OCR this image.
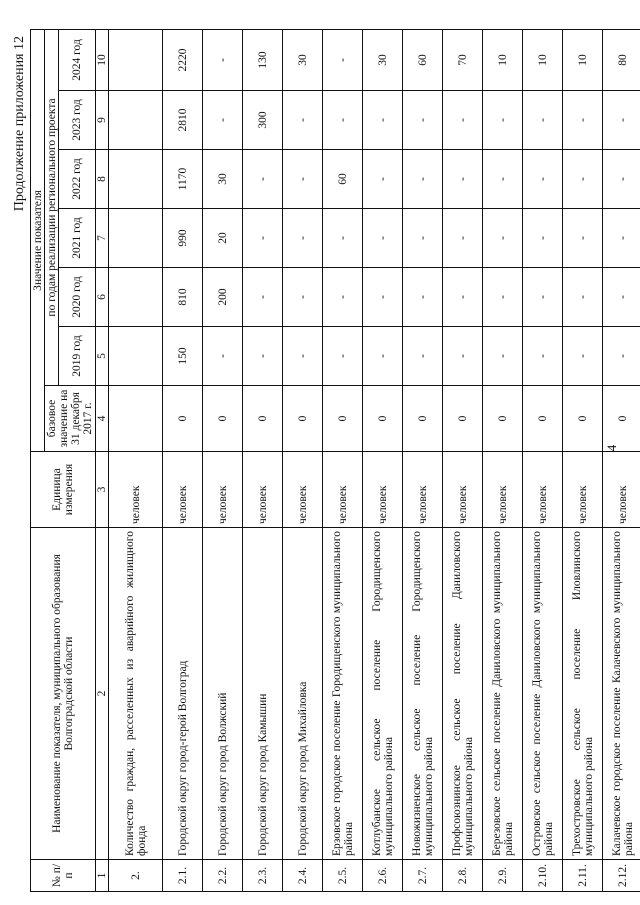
4
Продолжение приложения 12
№ п/п	Наименование показателя, муниципального образования Волгоградской области	Единица измерения	Значение показателя						
			базовое значение на 31 декабря 2017 г.	по годам реализации регионального проекта					
				2019 год	2020 год	2021 год	2022 год	2023 год	2024 год
1	2	3	4	5	6	7	8	9	10
2.	Количество граждан, расселенных из аварийного жилищного фонда	человек							
2.1.	Городской округ город-герой Волгоград	человек	0	150	810	990	1170	2810	2220
2.2.	Городской округ город Волжский	человек	0	-	200	20	30	-	-
2.3.	Городской округ город Камышин	человек	0	-	-	-	-	300	130
2.4.	Городской округ город Михайловка	человек	0	-	-	-	-	-	30
2.5.	Ерзовское городское поселение Городищенского муниципального района	человек	0	-	-	-	60	-	-
2.6.	Котлубанское сельское поселение Городищенского муниципального района	человек	0	-	-	-	-	-	30
2.7.	Новожизненское сельское поселение Городищенского муниципального района	человек	0	-	-	-	-	-	60
2.8.	Профсоюзнинское сельское поселение Даниловского муниципального района	человек	0	-	-	-	-	-	70
2.9.	Березовское сельское поселение Даниловского муниципального района	человек	0	-	-	-	-	-	10
2.10.	Островское сельское поселение Даниловского муниципального района	человек	0	-	-	-	-	-	10
2.11.	Трехостровское сельское поселение Иловлинского муниципального района	человек	0	-	-	-	-	-	10
2.12.	Калачевское городское поселение Калачевского муниципального района	человек	0	-	-	-	-	-	80
